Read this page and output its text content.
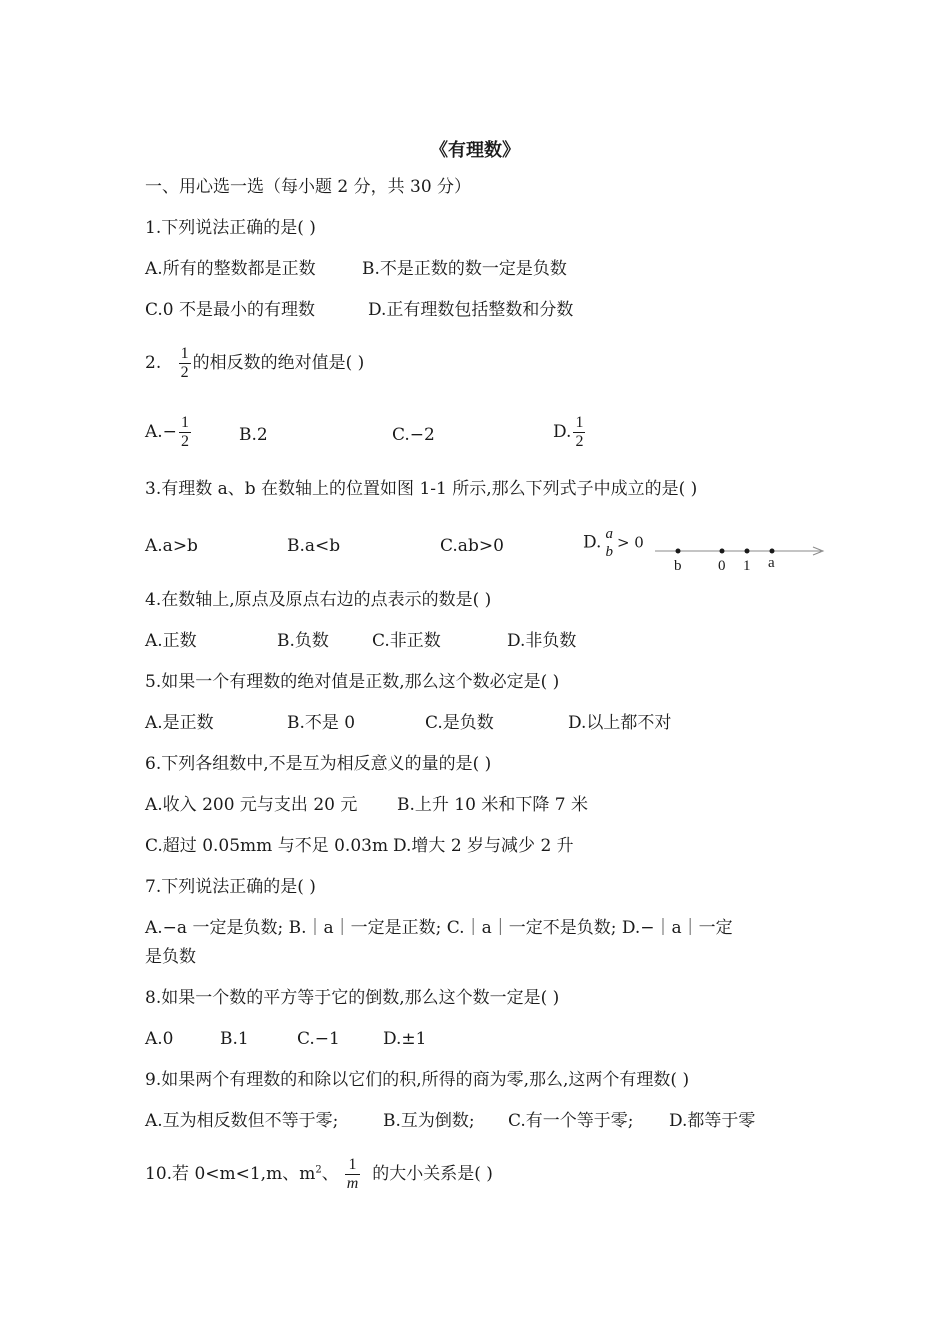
《有理数》
一、用心选一选（每小题 2 分，共 30 分）
1.下列说法正确的是( )
A.所有的整数都是正数	B.不是正数的数一定是负数
C.0 不是最小的有理数	D.正有理数包括整数和分数
2. $\frac{1}{2}$ 的相反数的绝对值是( )
$A.- \frac{1}{2}$	B.2	C.−2	D. $\frac{1}{2}$
3.有理数 a、b 在数轴上的位置如图 1-1 所示,那么下列式子中成立的是( )
A.a>b	B.a<b	C.ab>0	D. a
b
> 0
b 0 1 a
4.在数轴上,原点及原点右边的点表示的数是( )
A.正数	B.负数	C.非正数	D.非负数
5.如果一个有理数的绝对值是正数,那么这个数必定是( )
A.是正数	B.不是 0	C.是负数	D.以上都不对
6.下列各组数中,不是互为相反意义的量的是( )
A.收入 200 元与支出 20 元 B.上升 10 米和下降 7 米
C.超过 0.05mm 与不足 0.03m D.增大 2 岁与减少 2 升
7.下列说法正确的是( )
A.−a 一定是负数; B.｜a｜一定是正数; C.｜a｜一定不是负数; D.−｜a｜一定
是负数
8.如果一个数的平方等于它的倒数,那么这个数一定是( )
A.0	B.1	C.−1	D.±1
9.如果两个有理数的和除以它们的积,所得的商为零,那么,这两个有理数( )
A.互为相反数但不等于零;	B.互为倒数; C.有一个等于零; D.都等于零
10.若 0<m<1,m、$m^2$、 $\frac{1}{m}$ 的大小关系是( )
